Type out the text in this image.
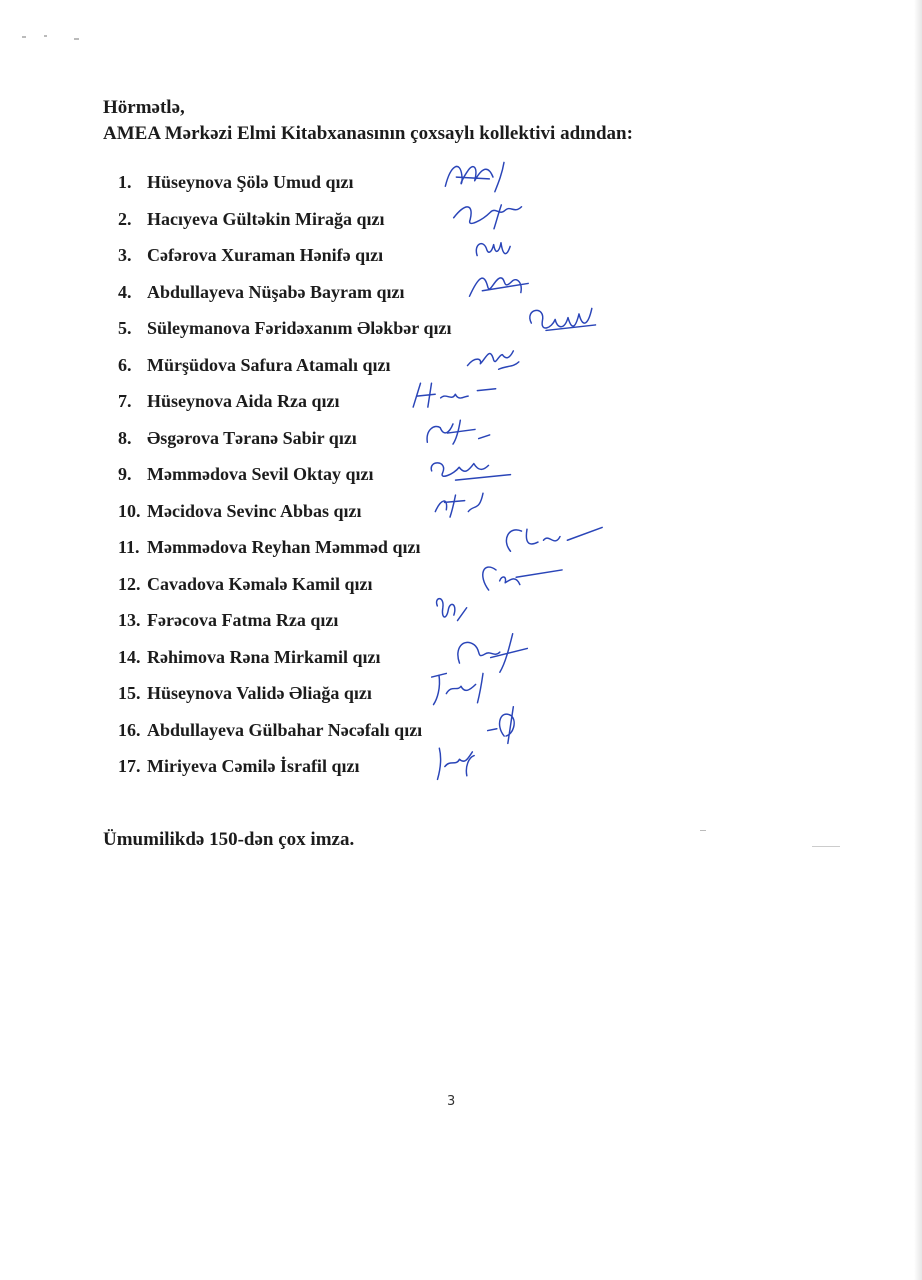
Hörmətlə,
AMEA Mərkəzi Elmi Kitabxanasının çoxsaylı kollektivi adından:
1. Hüseynova Şölə Umud qızı
2. Hacıyeva Gültəkin Mirağa qızı
3. Cəfərova Xuraman Hənifə qızı
4. Abdullayeva Nüşabə Bayram qızı
5. Süleymanova Fəridəxanım Ələkbər qızı
6. Mürşüdova Safura Atamalı qızı
7. Hüseynova Aida Rza qızı
8. Əsgərova Təranə Sabir qızı
9. Məmmədova Sevil Oktay qızı
10. Məcidova Sevinc Abbas qızı
11. Məmmədova Reyhan Məmməd qızı
12. Cavadova Kəmalə Kamil qızı
13. Fərəcova Fatma Rza qızı
14. Rəhimova Rəna Mirkamil qızı
15. Hüseynova Validə Əliağa qızı
16. Abdullayeva Gülbahar Nəcəfalı qızı
17. Miriyeva Cəmilə İsrafil qızı
Ümumilikdə 150-dən çox imza.
3
